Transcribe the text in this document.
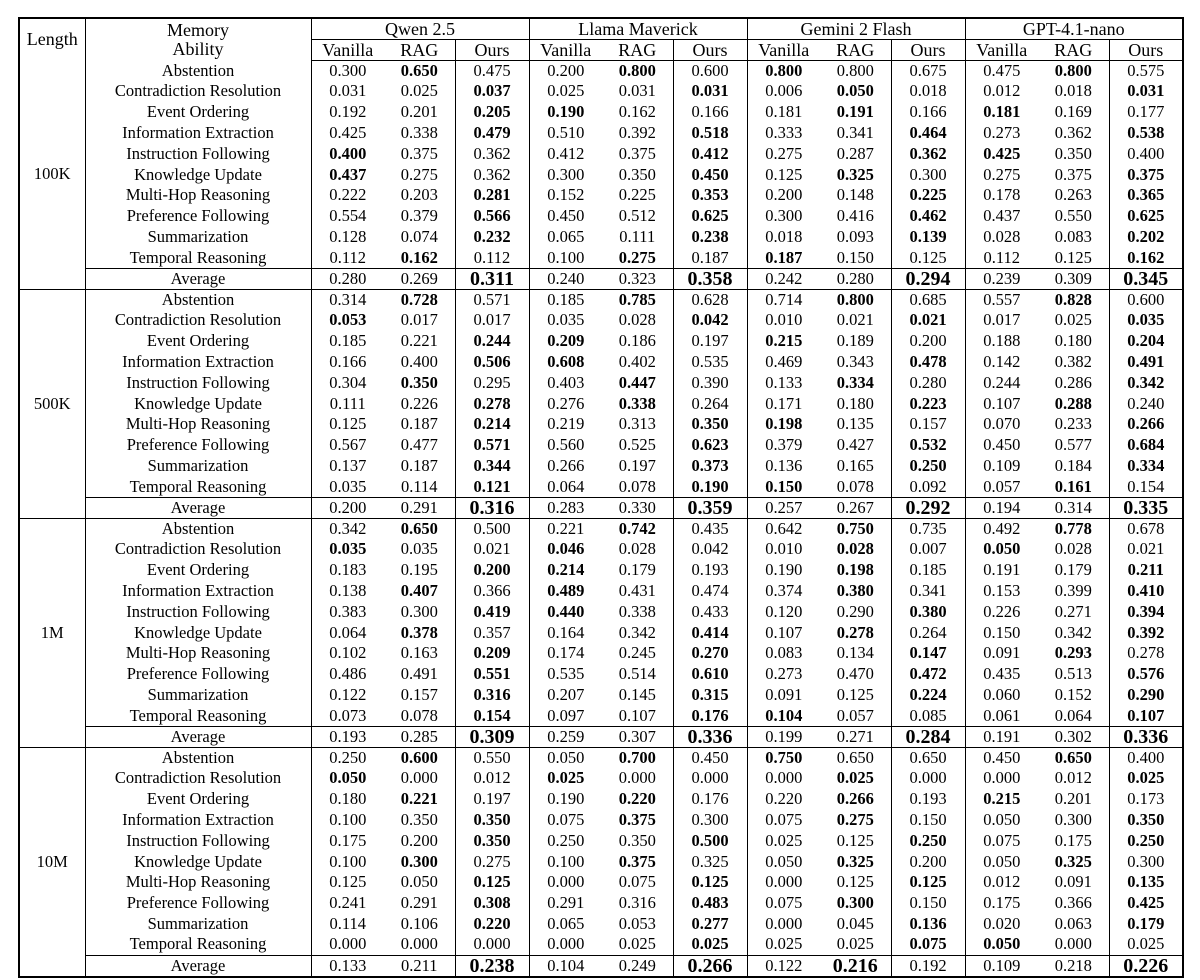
Length	Memory
Ability	Qwen 2.5			Llama Maverick			Gemini 2 Flash			GPT-4.1-nano		
		Vanilla	RAG	Ours	Vanilla	RAG	Ours	Vanilla	RAG	Ours	Vanilla	RAG	Ours
100K	Abstention	0.300	0.650	0.475	0.200	0.800	0.600	0.800	0.800	0.675	0.475	0.800	0.575
	Contradiction Resolution	0.031	0.025	0.037	0.025	0.031	0.031	0.006	0.050	0.018	0.012	0.018	0.031
	Event Ordering	0.192	0.201	0.205	0.190	0.162	0.166	0.181	0.191	0.166	0.181	0.169	0.177
	Information Extraction	0.425	0.338	0.479	0.510	0.392	0.518	0.333	0.341	0.464	0.273	0.362	0.538
	Instruction Following	0.400	0.375	0.362	0.412	0.375	0.412	0.275	0.287	0.362	0.425	0.350	0.400
	Knowledge Update	0.437	0.275	0.362	0.300	0.350	0.450	0.125	0.325	0.300	0.275	0.375	0.375
	Multi-Hop Reasoning	0.222	0.203	0.281	0.152	0.225	0.353	0.200	0.148	0.225	0.178	0.263	0.365
	Preference Following	0.554	0.379	0.566	0.450	0.512	0.625	0.300	0.416	0.462	0.437	0.550	0.625
	Summarization	0.128	0.074	0.232	0.065	0.111	0.238	0.018	0.093	0.139	0.028	0.083	0.202
	Temporal Reasoning	0.112	0.162	0.112	0.100	0.275	0.187	0.187	0.150	0.125	0.112	0.125	0.162
	Average	0.280	0.269	0.311	0.240	0.323	0.358	0.242	0.280	0.294	0.239	0.309	0.345
500K	Abstention	0.314	0.728	0.571	0.185	0.785	0.628	0.714	0.800	0.685	0.557	0.828	0.600
	Contradiction Resolution	0.053	0.017	0.017	0.035	0.028	0.042	0.010	0.021	0.021	0.017	0.025	0.035
	Event Ordering	0.185	0.221	0.244	0.209	0.186	0.197	0.215	0.189	0.200	0.188	0.180	0.204
	Information Extraction	0.166	0.400	0.506	0.608	0.402	0.535	0.469	0.343	0.478	0.142	0.382	0.491
	Instruction Following	0.304	0.350	0.295	0.403	0.447	0.390	0.133	0.334	0.280	0.244	0.286	0.342
	Knowledge Update	0.111	0.226	0.278	0.276	0.338	0.264	0.171	0.180	0.223	0.107	0.288	0.240
	Multi-Hop Reasoning	0.125	0.187	0.214	0.219	0.313	0.350	0.198	0.135	0.157	0.070	0.233	0.266
	Preference Following	0.567	0.477	0.571	0.560	0.525	0.623	0.379	0.427	0.532	0.450	0.577	0.684
	Summarization	0.137	0.187	0.344	0.266	0.197	0.373	0.136	0.165	0.250	0.109	0.184	0.334
	Temporal Reasoning	0.035	0.114	0.121	0.064	0.078	0.190	0.150	0.078	0.092	0.057	0.161	0.154
	Average	0.200	0.291	0.316	0.283	0.330	0.359	0.257	0.267	0.292	0.194	0.314	0.335
1M	Abstention	0.342	0.650	0.500	0.221	0.742	0.435	0.642	0.750	0.735	0.492	0.778	0.678
	Contradiction Resolution	0.035	0.035	0.021	0.046	0.028	0.042	0.010	0.028	0.007	0.050	0.028	0.021
	Event Ordering	0.183	0.195	0.200	0.214	0.179	0.193	0.190	0.198	0.185	0.191	0.179	0.211
	Information Extraction	0.138	0.407	0.366	0.489	0.431	0.474	0.374	0.380	0.341	0.153	0.399	0.410
	Instruction Following	0.383	0.300	0.419	0.440	0.338	0.433	0.120	0.290	0.380	0.226	0.271	0.394
	Knowledge Update	0.064	0.378	0.357	0.164	0.342	0.414	0.107	0.278	0.264	0.150	0.342	0.392
	Multi-Hop Reasoning	0.102	0.163	0.209	0.174	0.245	0.270	0.083	0.134	0.147	0.091	0.293	0.278
	Preference Following	0.486	0.491	0.551	0.535	0.514	0.610	0.273	0.470	0.472	0.435	0.513	0.576
	Summarization	0.122	0.157	0.316	0.207	0.145	0.315	0.091	0.125	0.224	0.060	0.152	0.290
	Temporal Reasoning	0.073	0.078	0.154	0.097	0.107	0.176	0.104	0.057	0.085	0.061	0.064	0.107
	Average	0.193	0.285	0.309	0.259	0.307	0.336	0.199	0.271	0.284	0.191	0.302	0.336
10M	Abstention	0.250	0.600	0.550	0.050	0.700	0.450	0.750	0.650	0.650	0.450	0.650	0.400
	Contradiction Resolution	0.050	0.000	0.012	0.025	0.000	0.000	0.000	0.025	0.000	0.000	0.012	0.025
	Event Ordering	0.180	0.221	0.197	0.190	0.220	0.176	0.220	0.266	0.193	0.215	0.201	0.173
	Information Extraction	0.100	0.350	0.350	0.075	0.375	0.300	0.075	0.275	0.150	0.050	0.300	0.350
	Instruction Following	0.175	0.200	0.350	0.250	0.350	0.500	0.025	0.125	0.250	0.075	0.175	0.250
	Knowledge Update	0.100	0.300	0.275	0.100	0.375	0.325	0.050	0.325	0.200	0.050	0.325	0.300
	Multi-Hop Reasoning	0.125	0.050	0.125	0.000	0.075	0.125	0.000	0.125	0.125	0.012	0.091	0.135
	Preference Following	0.241	0.291	0.308	0.291	0.316	0.483	0.075	0.300	0.150	0.175	0.366	0.425
	Summarization	0.114	0.106	0.220	0.065	0.053	0.277	0.000	0.045	0.136	0.020	0.063	0.179
	Temporal Reasoning	0.000	0.000	0.000	0.000	0.025	0.025	0.025	0.025	0.075	0.050	0.000	0.025
	Average	0.133	0.211	0.238	0.104	0.249	0.266	0.122	0.216	0.192	0.109	0.218	0.226
